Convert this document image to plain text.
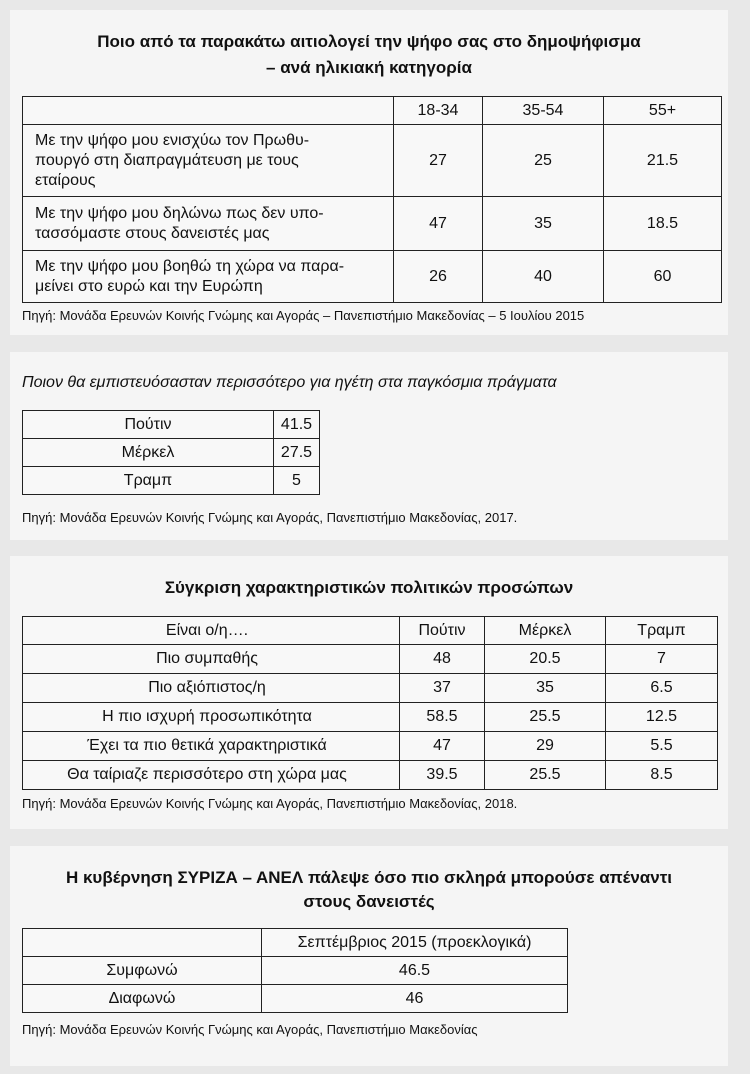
Ποιο από τα παρακάτω αιτιολογεί την ψήφο σας στο δημοψήφισμα
– ανά ηλικιακή κατηγορία
	18-34	35-54	55+

Με την ψήφο μου ενισχύω τον Πρωθυ-
πουργό στη διαπραγμάτευση με τους
εταίρους	27	25	21.5

Με την ψήφο μου δηλώνω πως δεν υπο-
τασσόμαστε στους δανειστές μας	47	35	18.5

Με την ψήφο μου βοηθώ τη χώρα να παρα-
μείνει στο ευρώ και την Ευρώπη	26	40	60
Πηγή: Μονάδα Ερευνών Κοινής Γνώμης και Αγοράς – Πανεπιστήμιο Μακεδονίας – 5 Ιουλίου 2015
Ποιον θα εμπιστευόσασταν περισσότερο για ηγέτη στα παγκόσμια πράγματα
Πούτιν	41.5
Μέρκελ	27.5
Τραμπ	5
Πηγή: Μονάδα Ερευνών Κοινής Γνώμης και Αγοράς, Πανεπιστήμιο Μακεδονίας, 2017.
Σύγκριση χαρακτηριστικών πολιτικών προσώπων
Είναι ο/η….	Πούτιν	Μέρκελ	Τραμπ
Πιο συμπαθής	48	20.5	7
Πιο αξιόπιστος/η	37	35	6.5
Η πιο ισχυρή προσωπικότητα	58.5	25.5	12.5
Έχει τα πιο θετικά χαρακτηριστικά	47	29	5.5
Θα ταίριαζε περισσότερο στη χώρα μας	39.5	25.5	8.5
Πηγή: Μονάδα Ερευνών Κοινής Γνώμης και Αγοράς, Πανεπιστήμιο Μακεδονίας, 2018.
Η κυβέρνηση ΣΥΡΙΖΑ – ΑΝΕΛ πάλεψε όσο πιο σκληρά μπορούσε απέναντι
στους δανειστές
	Σεπτέμβριος 2015 (προεκλογικά)
Συμφωνώ	46.5
Διαφωνώ	46
Πηγή: Μονάδα Ερευνών Κοινής Γνώμης και Αγοράς, Πανεπιστήμιο Μακεδονίας
